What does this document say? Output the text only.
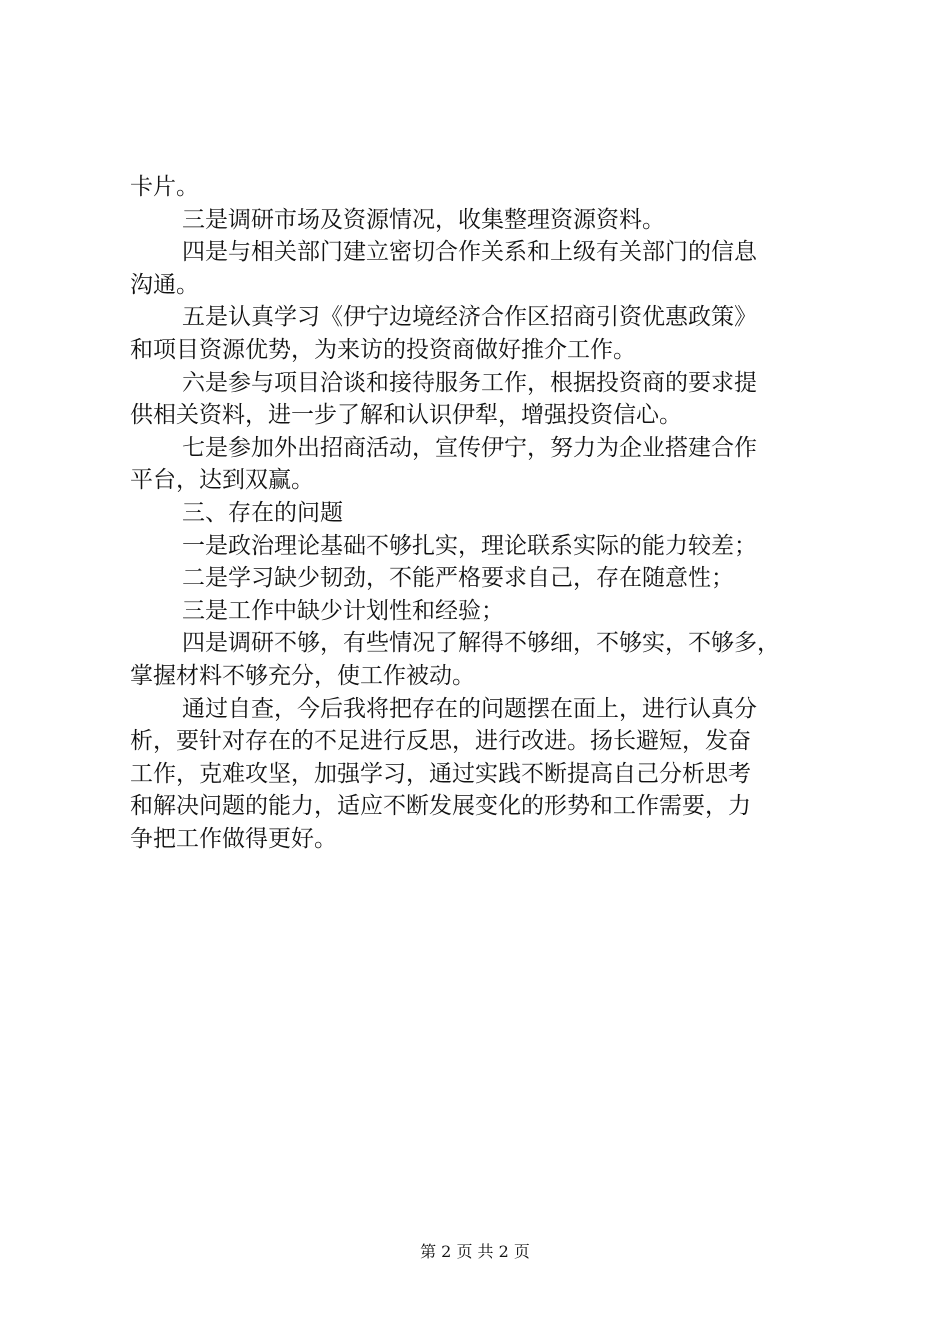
卡片。
三是调研市场及资源情况，收集整理资源资料。
四是与相关部门建立密切合作关系和上级有关部门的信息
沟通。
五是认真学习《伊宁边境经济合作区招商引资优惠政策》
和项目资源优势，为来访的投资商做好推介工作。
六是参与项目洽谈和接待服务工作，根据投资商的要求提
供相关资料，进一步了解和认识伊犁，增强投资信心。
七是参加外出招商活动，宣传伊宁，努力为企业搭建合作
平台，达到双赢。
三、存在的问题
一是政治理论基础不够扎实，理论联系实际的能力较差；
二是学习缺少韧劲，不能严格要求自己，存在随意性；
三是工作中缺少计划性和经验；
四是调研不够，有些情况了解得不够细，不够实，不够多，
掌握材料不够充分，使工作被动。
通过自查，今后我将把存在的问题摆在面上，进行认真分
析，要针对存在的不足进行反思，进行改进。扬长避短，发奋
工作，克难攻坚，加强学习，通过实践不断提高自己分析思考
和解决问题的能力，适应不断发展变化的形势和工作需要，力
争把工作做得更好。
第 2 页 共 2 页
